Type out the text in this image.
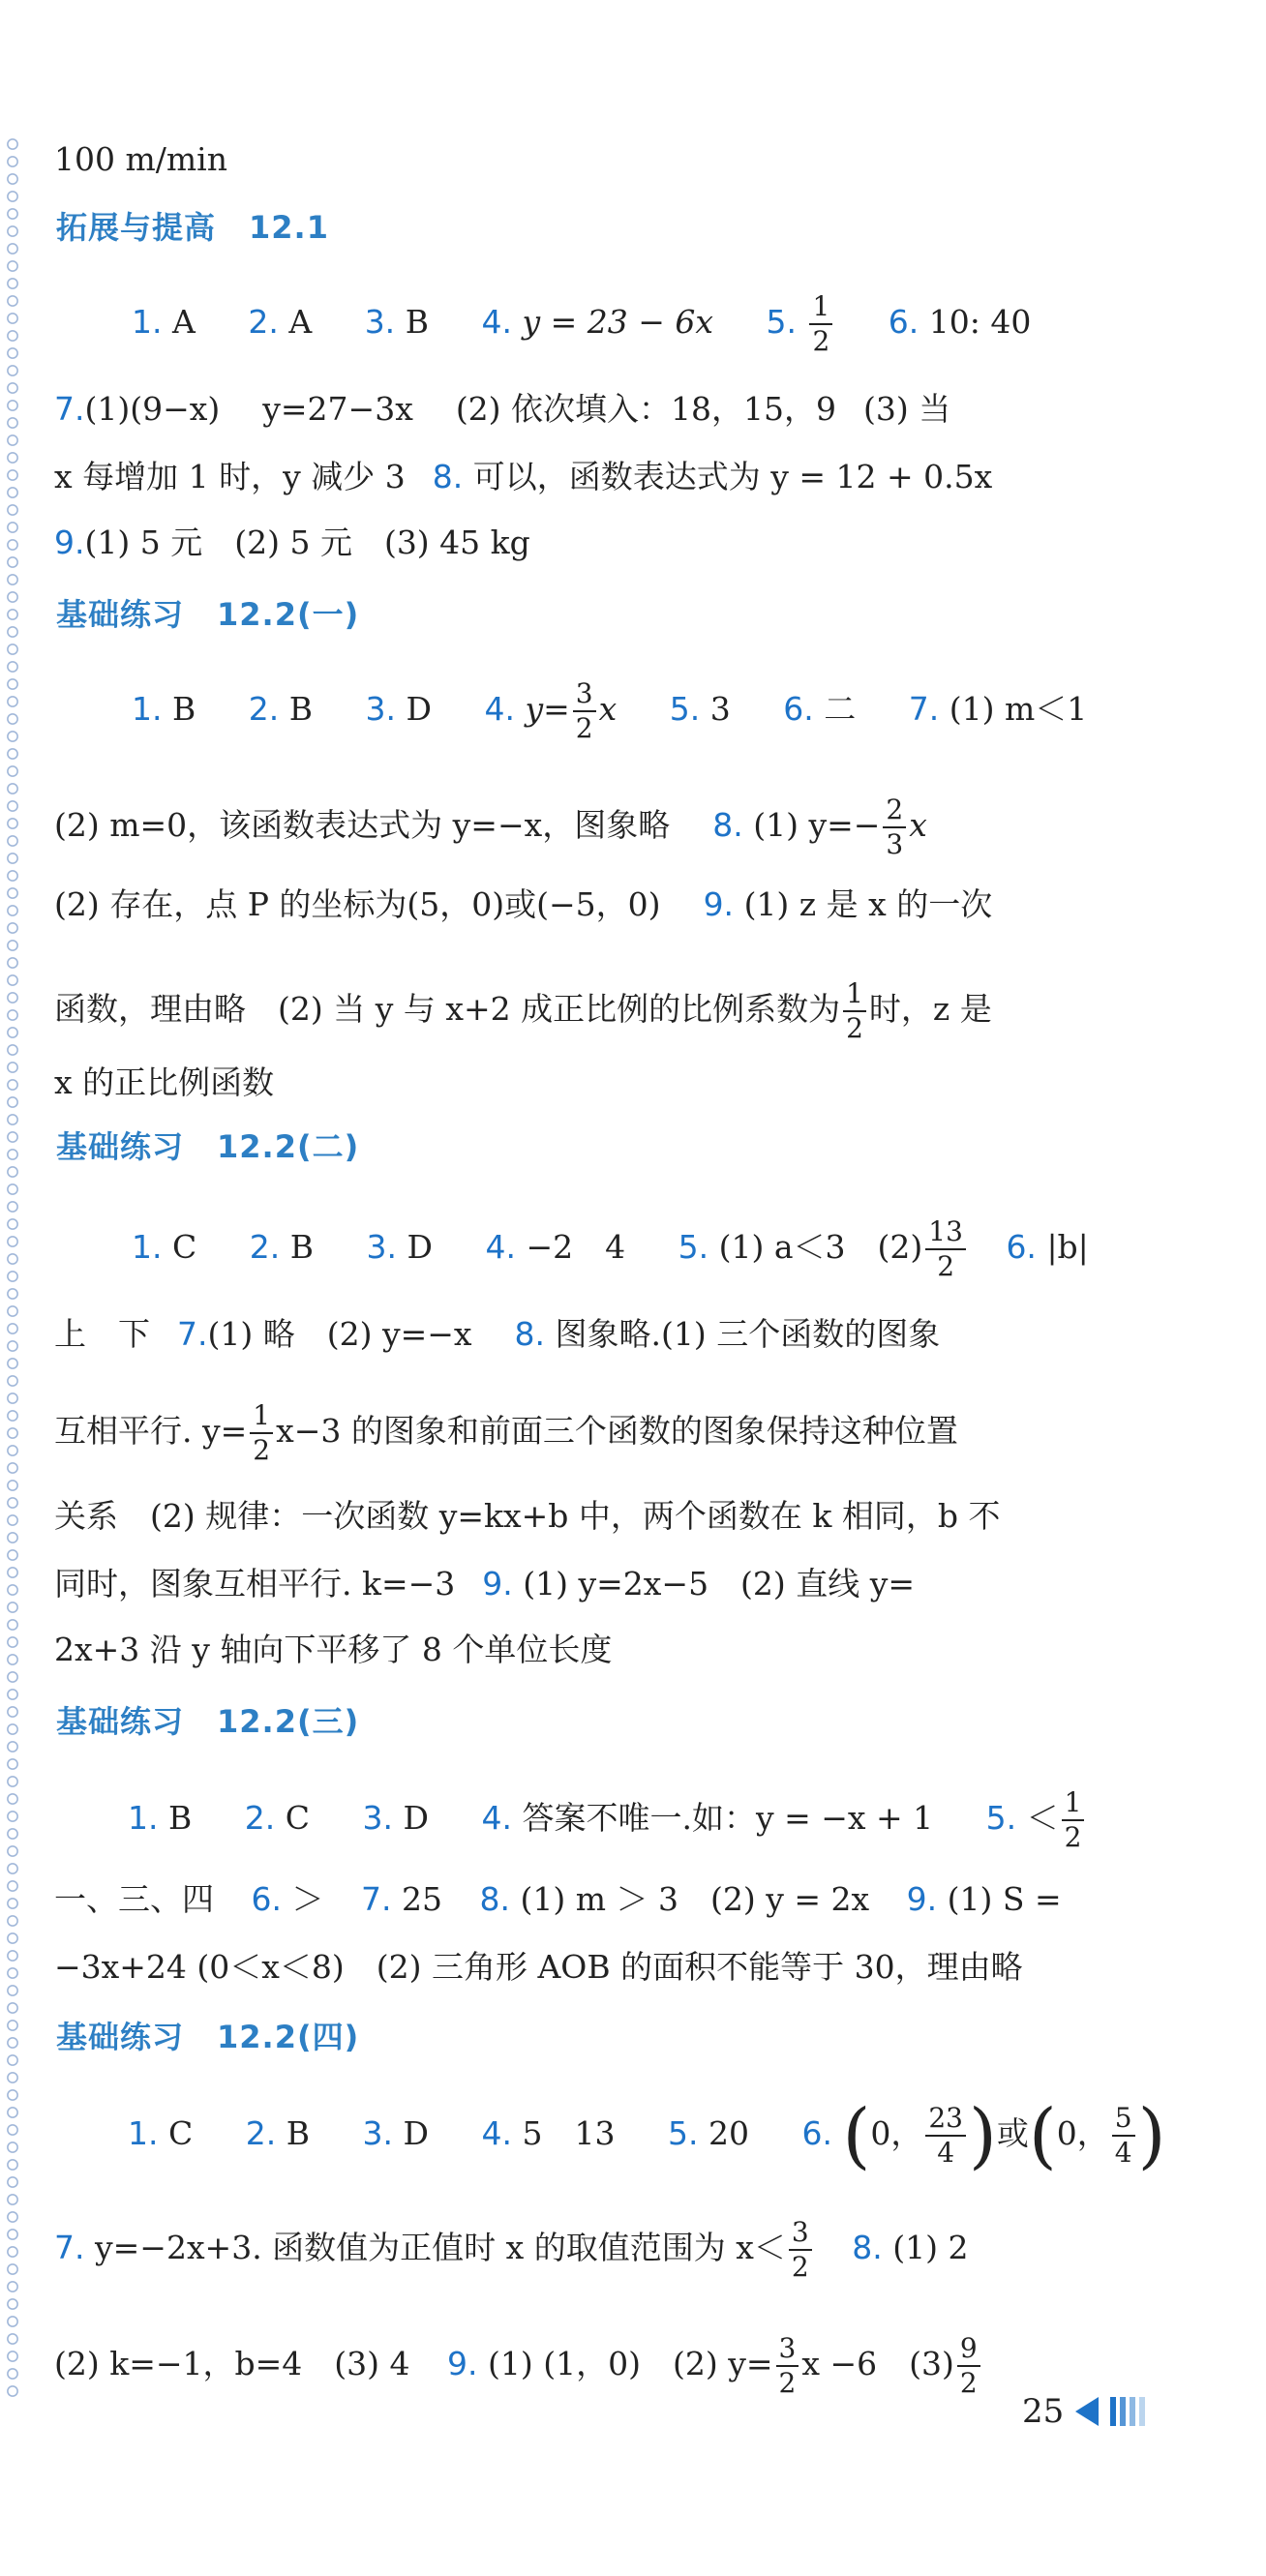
100 m/min
拓展与提高 12.1
1. A 2. A 3. B 4. y = 23 − 6x 5. $\frac{1}{2} 6$. 10: 40
7.(1)(9−x) y=27−3x (2) 依次填入：18，15，9 (3) 当
x 每增加 1 时，y 减少 3 8. 可以，函数表达式为 y = 12 + 0.5x
9.(1) 5 元　(2) 5 元　(3) 45 kg
基础练习 12.2(一)
1. B 2. B 3. D 4. $y= \frac{3}{2}$ x 5. 3 6. 二 7. (1) m＜1
(2) m=0，该函数表达式为 y=−x，图象略 8. (1) $y=- \frac{2}{3}$ x
(2) 存在，点 P 的坐标为(5，0)或(−5，0) 9. (1) z 是 x 的一次
函数，理由略　(2) 当 y 与 x+2 成正比例的比例系数为 $\frac{1}{2}$ 时，z 是
x 的正比例函数
基础练习 12.2(二)
1. C 2. B 3. D 4. −2　4 5. (1) a＜3　$(2) \frac{13}{2} 6$. |b|
上　下 7.(1) 略　(2) y=−x 8. 图象略.(1) 三个函数的图象
互相平行. $y= \frac{1}{2} x-3$ 的图象和前面三个函数的图象保持这种位置
关系　(2) 规律：一次函数 y=kx+b 中，两个函数在 k 相同，b 不
同时，图象互相平行. k=−3 9. (1) y=2x−5　(2) 直线 y=
2x+3 沿 y 轴向下平移了 8 个单位长度
基础练习 12.2(三)
1. B 2. C 3. D 4. 答案不唯一.如：y = −x + 1 5. ＜ $\frac{1}{2}$
一、三、四 6. ＞ 7. 25 8. (1) m ＞ 3　(2) y = 2x 9. (1) S =
−3x+24 (0＜x＜8)　(2) 三角形 AOB 的面积不能等于 30，理由略
基础练习 12.2(四)
1. C 2. B 3. D 4. 5　13 5. 20 6. (0， $\frac{23}{4}$ )或(0， $\frac{5}{4}$ )
7. y=−2x+3. 函数值为正值时 x 的取值范围为 $x< \frac{3}{2} 8$. (1) 2
(2) k=−1，b=4　(3) 4 9. (1) (1，0)　(2) $y= \frac{3}{2}$ x −6　$(3) \frac{9}{2}$
25
